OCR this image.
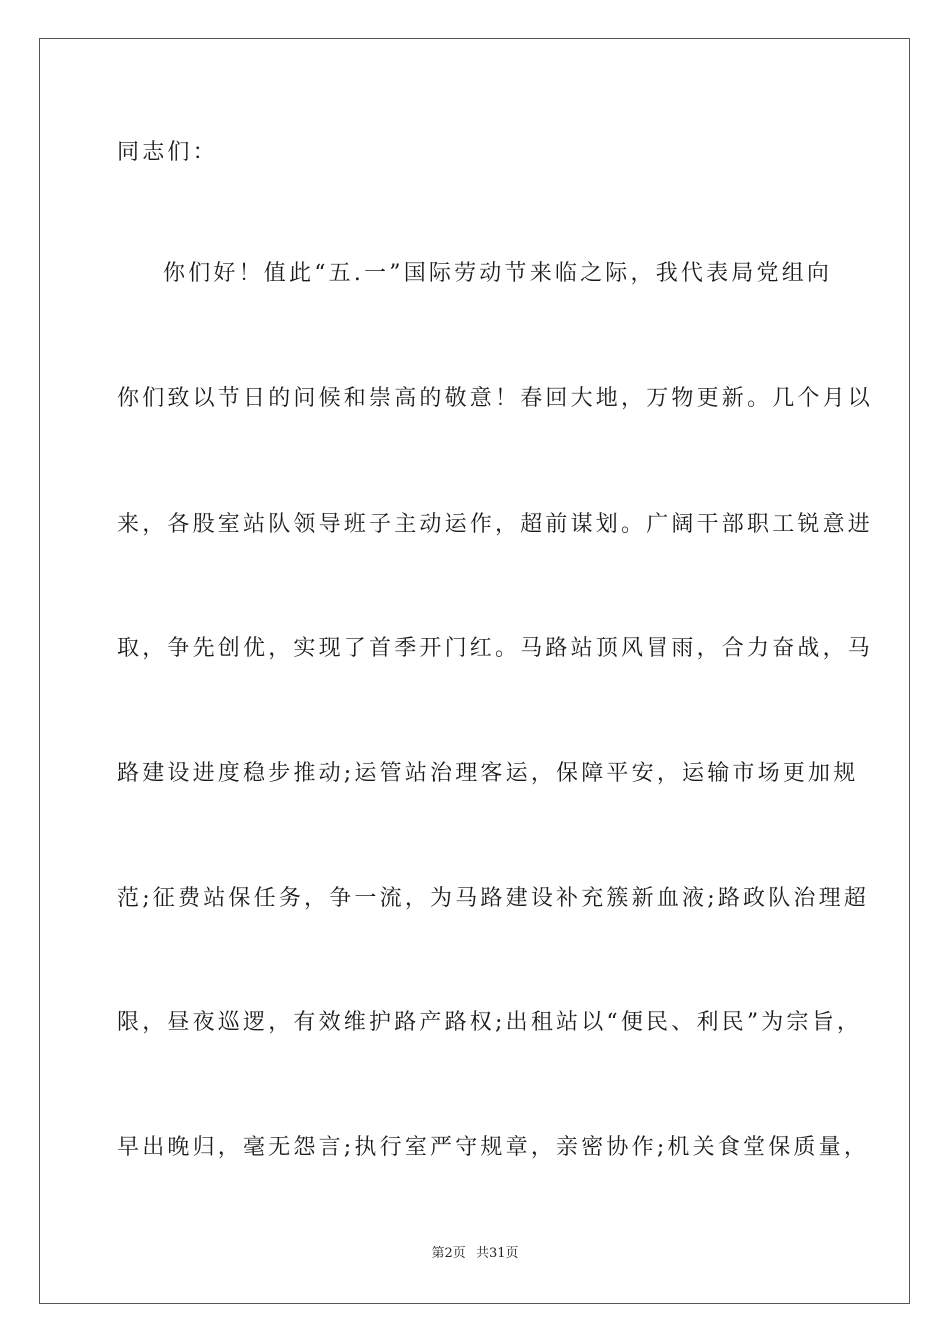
同志们：
你们好！值此“五.一”国际劳动节来临之际，我代表局党组向
你们致以节日的问候和崇高的敬意！春回大地，万物更新。几个月以
来，各股室站队领导班子主动运作，超前谋划。广阔干部职工锐意进
取，争先创优，实现了首季开门红。马路站顶风冒雨，合力奋战，马
路建设进度稳步推动;运管站治理客运，保障平安，运输市场更加规
范;征费站保任务，争一流，为马路建设补充簇新血液;路政队治理超
限，昼夜巡逻，有效维护路产路权;出租站以“便民、利民”为宗旨，
早出晚归，毫无怨言;执行室严守规章，亲密协作;机关食堂保质量，
第2页 共31页
